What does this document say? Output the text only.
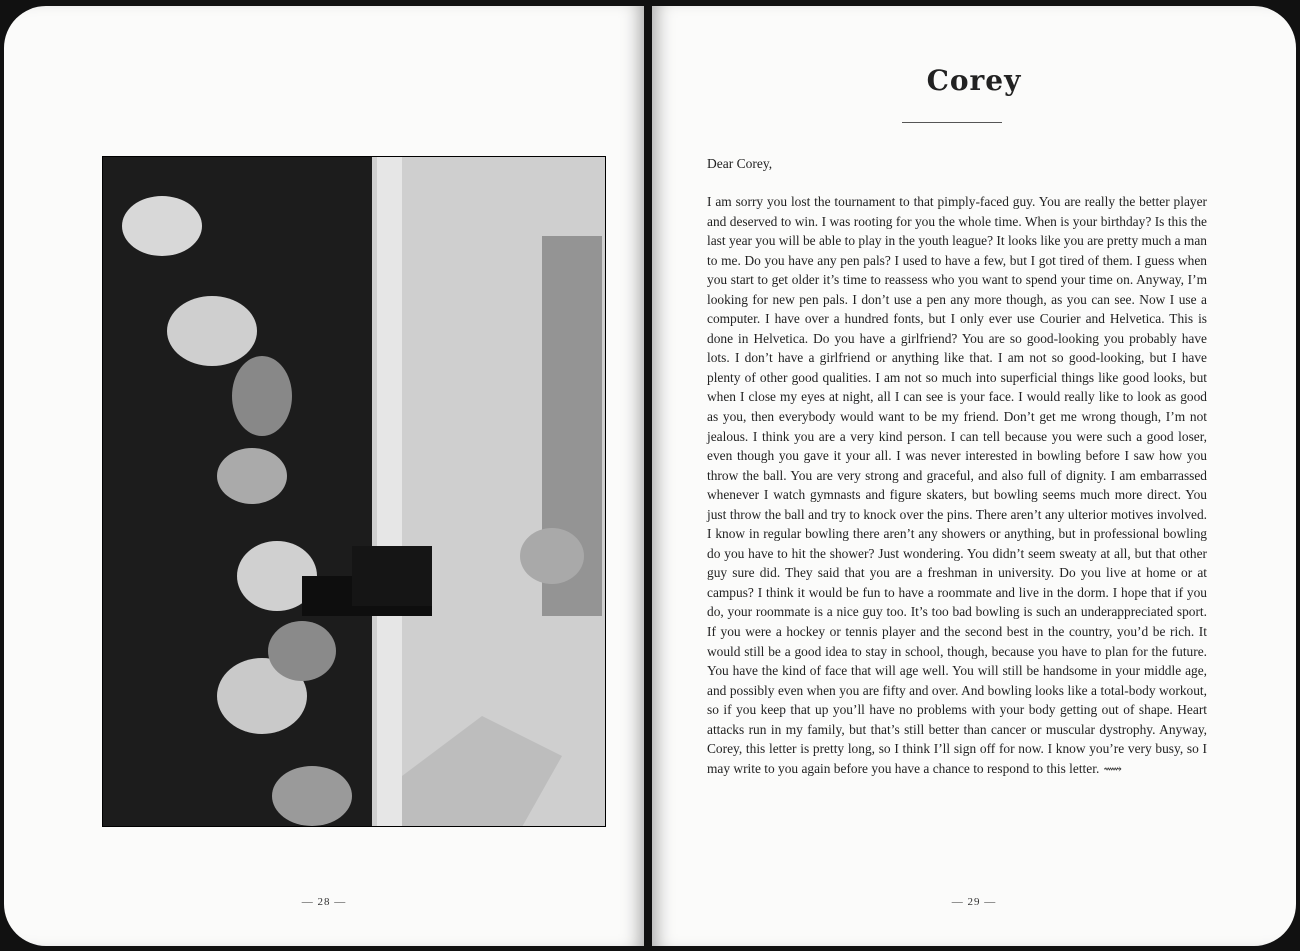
— 28 —
Corey
Dear Corey,

I am sorry you lost the tournament to that pimply-faced guy. You are really the better player and deserved to win. I was rooting for you the whole time. When is your birthday? Is this the last year you will be able to play in the youth league? It looks like you are pretty much a man to me. Do you have any pen pals? I used to have a few, but I got tired of them. I guess when you start to get older it’s time to reassess who you want to spend your time on. Anyway, I’m looking for new pen pals. I don’t use a pen any more though, as you can see. Now I use a computer. I have over a hundred fonts, but I only ever use Courier and Helvetica. This is done in Helvetica. Do you have a girlfriend? You are so good-looking you probably have lots. I don’t have a girlfriend or anything like that. I am not so good-looking, but I have plenty of other good qualities. I am not so much into superficial things like good looks, but when I close my eyes at night, all I can see is your face. I would really like to look as good as you, then everybody would want to be my friend. Don’t get me wrong though, I’m not jealous. I think you are a very kind person. I can tell because you were such a good loser, even though you gave it your all. I was never interested in bowling before I saw how you throw the ball. You are very strong and graceful, and also full of dignity. I am embarrassed whenever I watch gymnasts and figure skaters, but bowling seems much more direct. You just throw the ball and try to knock over the pins. There aren’t any ulterior motives involved. I know in regular bowling there aren’t any showers or anything, but in professional bowling do you have to hit the shower? Just wondering. You didn’t seem sweaty at all, but that other guy sure did. They said that you are a freshman in university. Do you live at home or at campus? I think it would be fun to have a roommate and live in the dorm. I hope that if you do, your roommate is a nice guy too. It’s too bad bowling is such an underappreciated sport. If you were a hockey or tennis player and the second best in the country, you’d be rich. It would still be a good idea to stay in school, though, because you have to plan for the future. You have the kind of face that will age well. You will still be handsome in your middle age, and possibly even when you are fifty and over. And bowling looks like a total-body workout, so if you keep that up you’ll have no problems with your body getting out of shape. Heart attacks run in my family, but that’s still better than cancer or muscular dystrophy. Anyway, Corey, this letter is pretty long, so I think I’ll sign off for now. I know you’re very busy, so I may write to you again before you have a chance to respond to this letter. ⟿

— 29 —
